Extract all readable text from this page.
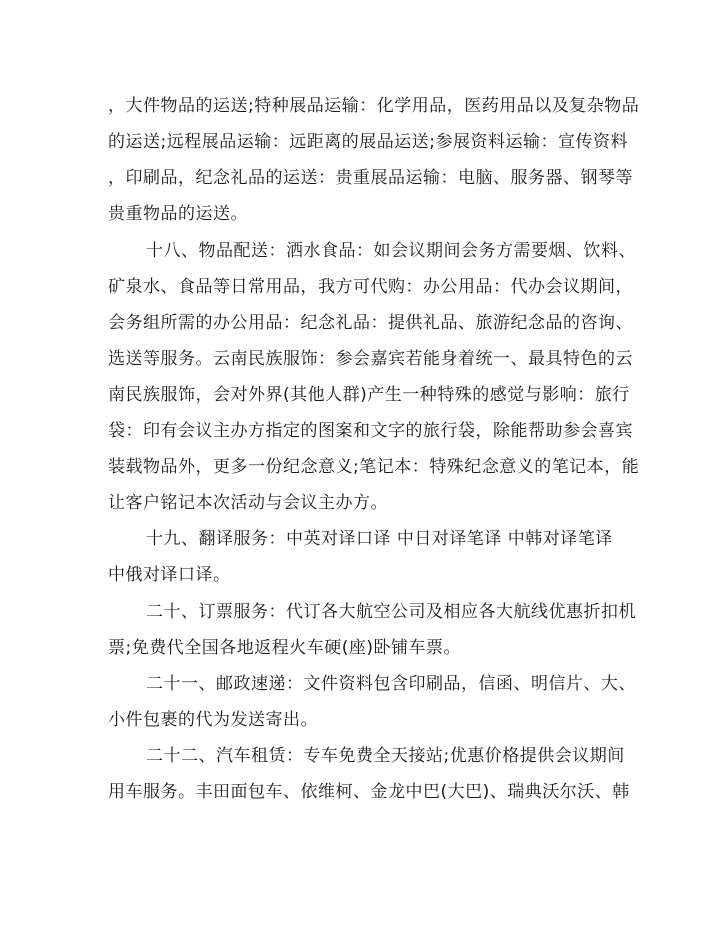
，大件物品的运送;特种展品运输：化学用品，医药用品以及复杂物品
的运送;远程展品运输：远距离的展品运送;参展资料运输：宣传资料
，印刷品，纪念礼品的运送：贵重展品运输：电脑、服务器、钢琴等
贵重物品的运送。
十八、物品配送：洒水食品：如会议期间会务方需要烟、饮料、
矿泉水、食品等日常用品，我方可代购：办公用品：代办会议期间，
会务组所需的办公用品：纪念礼品：提供礼品、旅游纪念品的咨询、
选送等服务。云南民族服饰：参会嘉宾若能身着统一、最具特色的云
南民族服饰，会对外界(其他人群)产生一种特殊的感觉与影响：旅行
袋：印有会议主办方指定的图案和文字的旅行袋，除能帮助参会喜宾
装载物品外，更多一份纪念意义;笔记本：特殊纪念意义的笔记本，能
让客户铭记本次活动与会议主办方。
十九、翻译服务：中英对译口译 中日对译笔译 中韩对译笔译
中俄对译口译。
二十、订票服务：代订各大航空公司及相应各大航线优惠折扣机
票;免费代全国各地返程火车硬(座)卧铺车票。
二十一、邮政速递：文件资料包含印刷品，信函、明信片、大、
小件包裹的代为发送寄出。
二十二、汽车租赁：专车免费全天接站;优惠价格提供会议期间
用车服务。丰田面包车、依维柯、金龙中巴(大巴)、瑞典沃尔沃、韩
